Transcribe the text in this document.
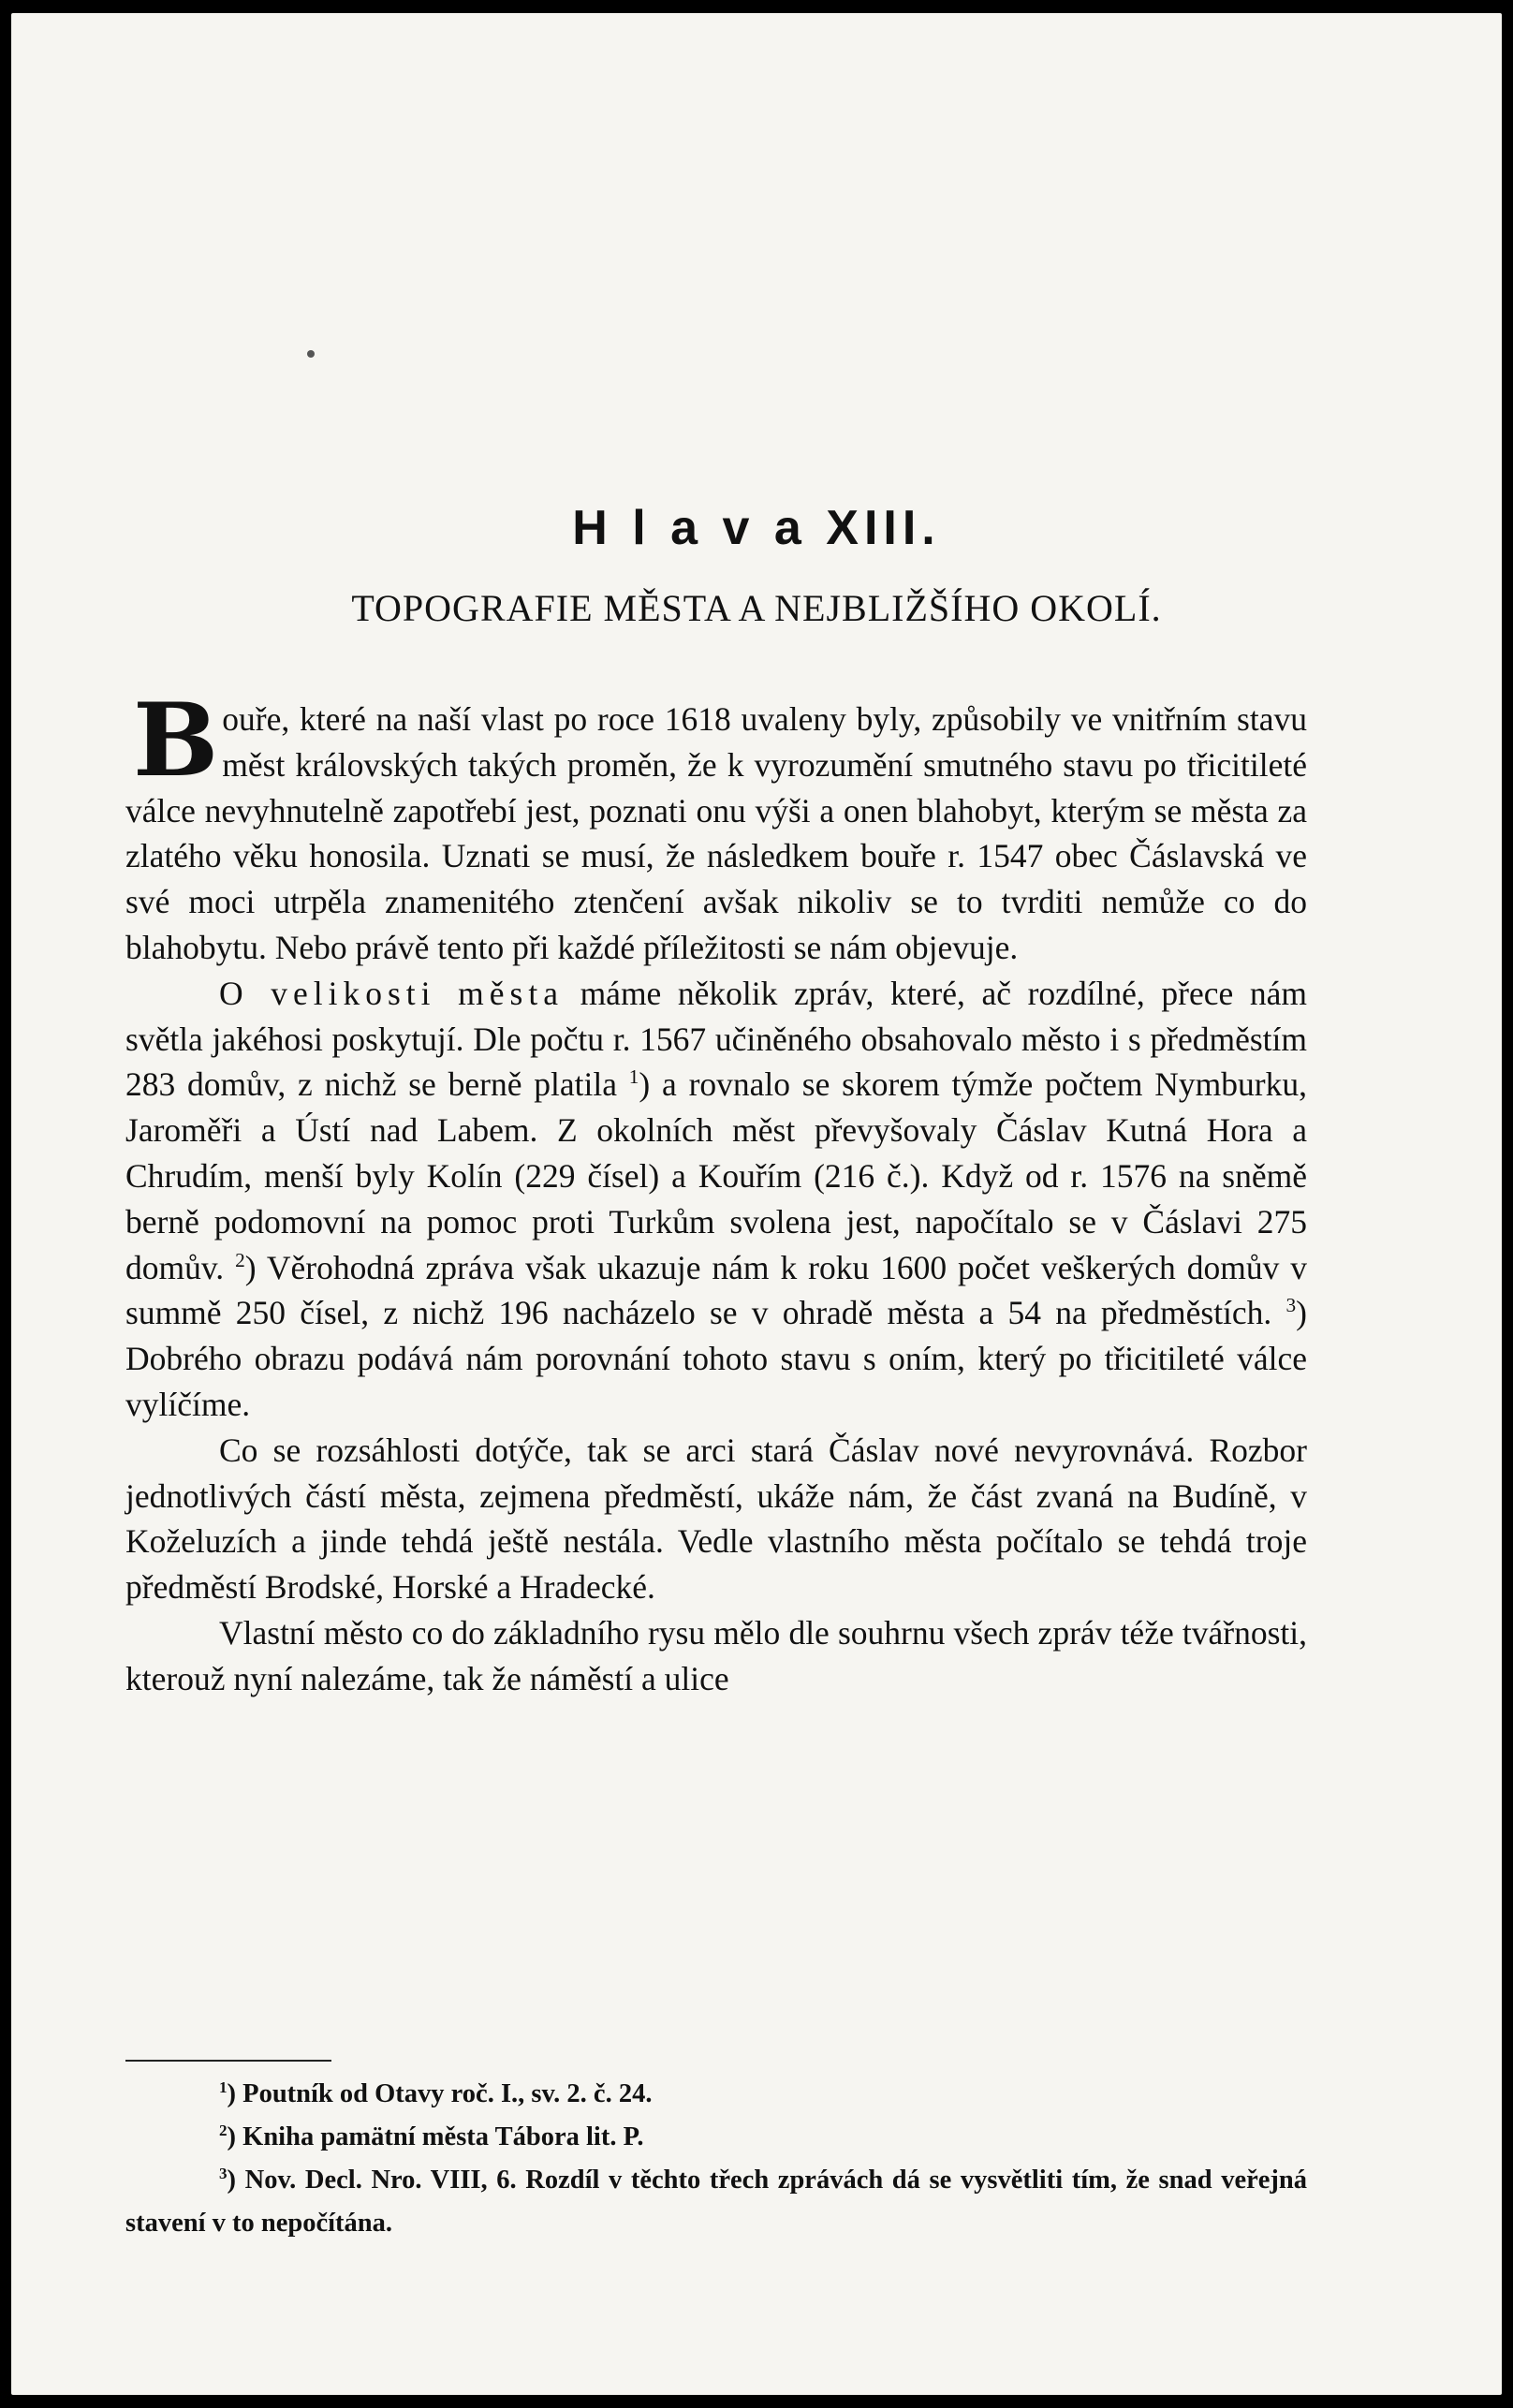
H l a v a XIII.
TOPOGRAFIE MĚSTA A NEJBLIŽŠÍHO OKOLÍ.

Bouře, které na naší vlast po roce 1618 uvaleny byly, způsobily ve vnitřním stavu měst královských takých proměn, že k vyrozumění smutného stavu po třicitileté válce nevyhnutelně zapotřebí jest, poznati onu výši a onen blahobyt, kterým se města za zlatého věku honosila. Uznati se musí, že následkem bouře r. 1547 obec Čáslavská ve své moci utrpěla znamenitého ztenčení avšak nikoliv se to tvrditi nemůže co do blahobytu. Nebo právě tento při každé příležitosti se nám objevuje.

O velikosti města máme několik zpráv, které, ač rozdílné, přece nám světla jakéhosi poskytují. Dle počtu r. 1567 učiněného obsahovalo město i s předměstím 283 domův, z nichž se berně platila $^1$) a rovnalo se skorem týmže počtem Nymburku, Jaroměři a Ústí nad Labem. Z okolních měst převyšovaly Čáslav Kutná Hora a Chrudím, menší byly Kolín (229 čísel) a Kouřím (216 č.). Když od r. 1576 na sněmě berně podomovní na pomoc proti Turkům svolena jest, napočítalo se v Čáslavi 275 domův. $^2$) Věrohodná zpráva však ukazuje nám k roku 1600 počet veškerých domův v summě 250 čísel, z nichž 196 nacházelo se v ohradě města a 54 na předměstích. $^3$) Dobrého obrazu podává nám porovnání tohoto stavu s oním, který po třicitileté válce vylíčíme.

Co se rozsáhlosti dotýče, tak se arci stará Čáslav nové nevyrovnává. Rozbor jednotlivých částí města, zejmena předměstí, ukáže nám, že část zvaná na Budíně, v Koželuzích a jinde tehdá ještě nestála. Vedle vlastního města počítalo se tehdá troje předměstí Brodské, Horské a Hradecké.

Vlastní město co do základního rysu mělo dle souhrnu všech zpráv téže tvářnosti, kterouž nyní nalezáme, tak že náměstí a ulice

$^1$) Poutník od Otavy roč. I., sv. 2. č. 24.

$^2$) Kniha pamätní města Tábora lit. P.

$^3$) Nov. Decl. Nro. VIII, 6. Rozdíl v těchto třech zprávách dá se vysvětliti tím, že snad veřejná stavení v to nepočítána.
